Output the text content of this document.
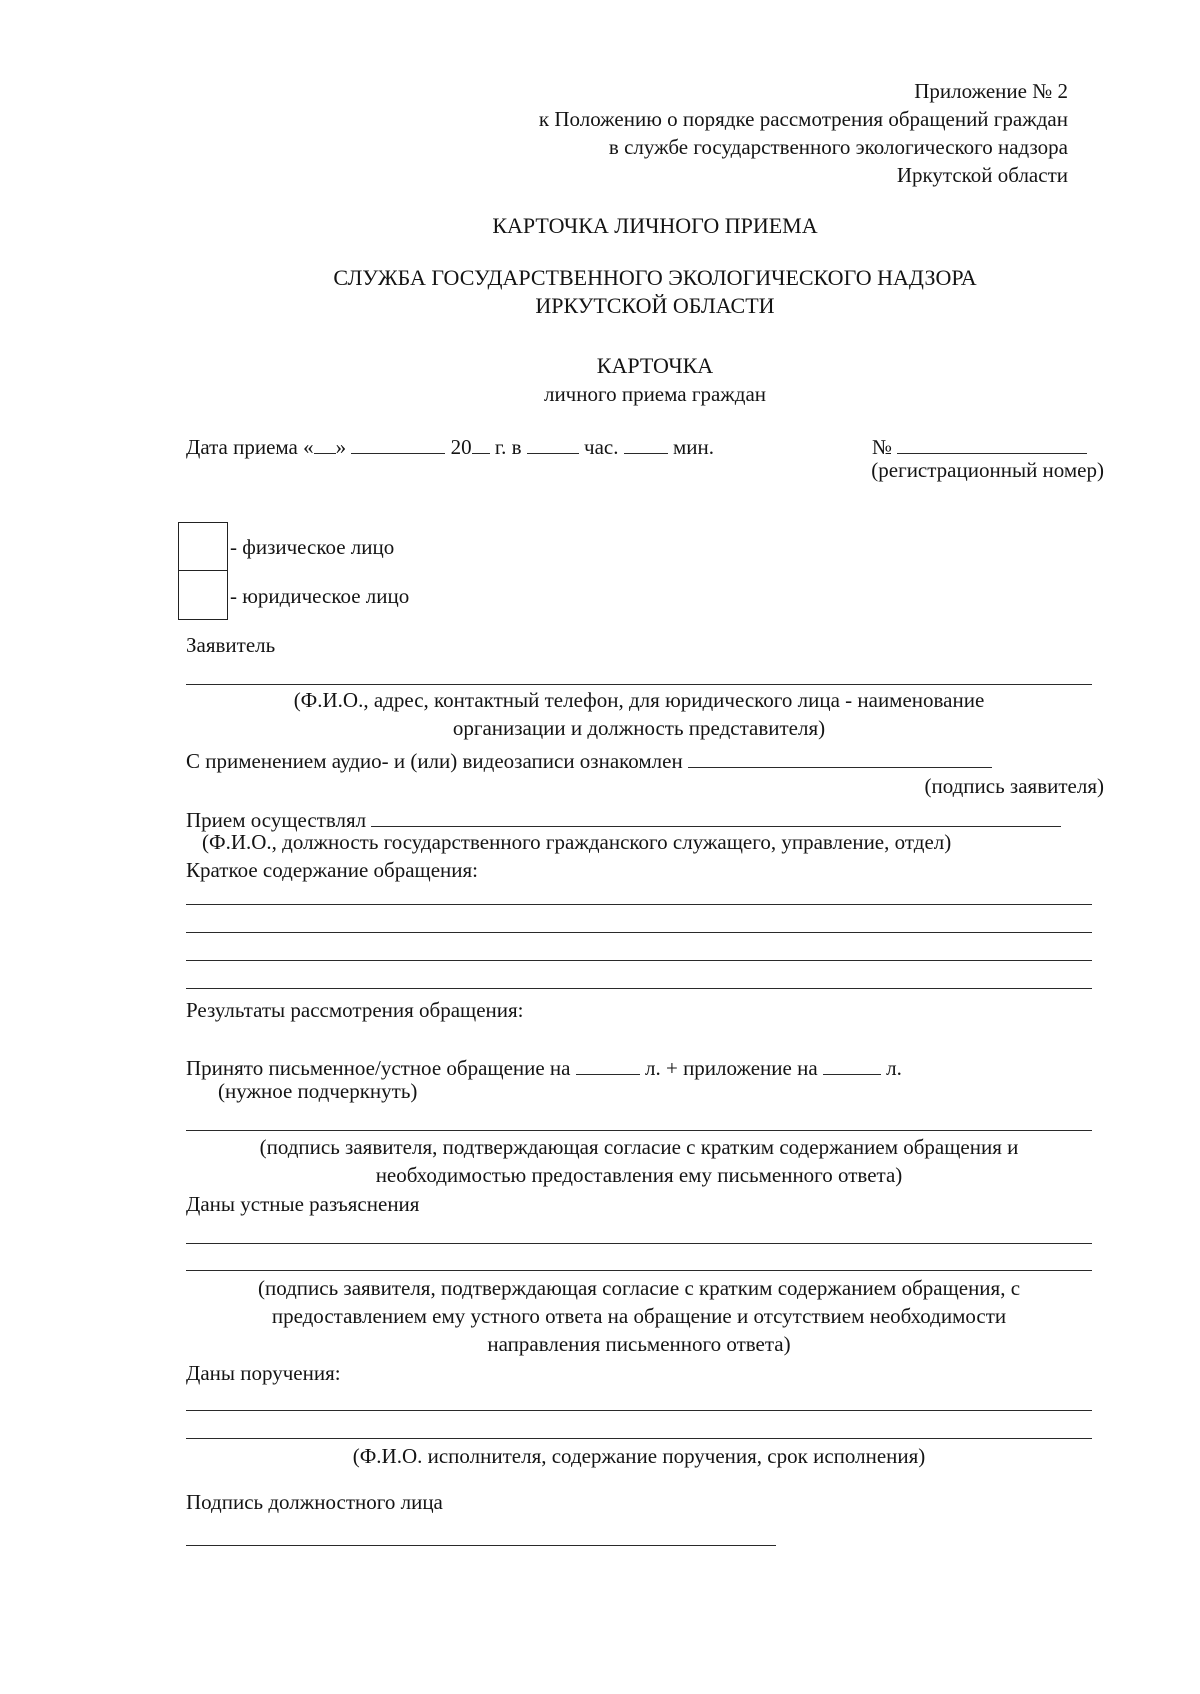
Приложение № 2
к Положению о порядке рассмотрения обращений граждан
в службе государственного экологического надзора
Иркутской области
КАРТОЧКА ЛИЧНОГО ПРИЕМА
СЛУЖБА ГОСУДАРСТВЕННОГО ЭКОЛОГИЧЕСКОГО НАДЗОРА
ИРКУТСКОЙ ОБЛАСТИ
КАРТОЧКА
личного приема граждан
Дата приема « »	20 г. в	час.	мин.	№
(регистрационный номер)
- физическое лицо
- юридическое лицо
Заявитель
(Ф.И.О., адрес, контактный телефон, для юридического лица - наименование
организации и должность представителя)
С применением аудио- и (или) видеозаписи ознакомлен
(подпись заявителя)
Прием осуществлял
(Ф.И.О., должность государственного гражданского служащего, управление, отдел)
Краткое содержание обращения:
Результаты рассмотрения обращения:
Принято письменное/устное обращение на	л. + приложение на	л.
(нужное подчеркнуть)
(подпись заявителя, подтверждающая согласие с кратким содержанием обращения и
необходимостью предоставления ему письменного ответа)
Даны устные разъяснения
(подпись заявителя, подтверждающая согласие с кратким содержанием обращения, с
предоставлением ему устного ответа на обращение и отсутствием необходимости
направления письменного ответа)
Даны поручения:
(Ф.И.О. исполнителя, содержание поручения, срок исполнения)
Подпись должностного лица
